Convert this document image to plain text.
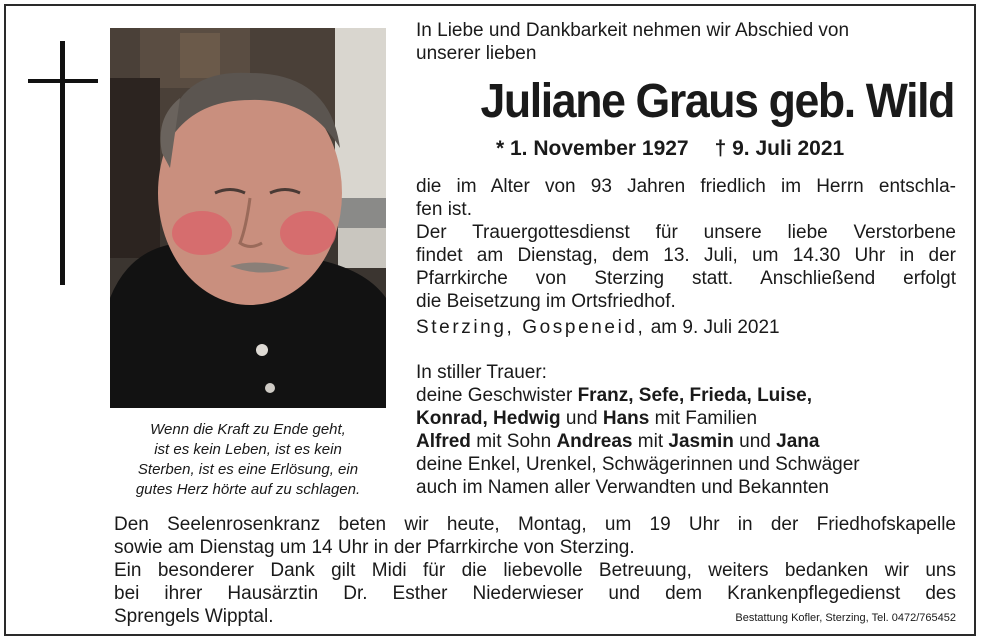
Wenn die Kraft zu Ende geht,
ist es kein Leben, ist es kein
Sterben, ist es eine Erlösung, ein
gutes Herz hörte auf zu schlagen.
In Liebe und Dankbarkeit nehmen wir Abschied von
unserer lieben
Juliane Graus geb. Wild
* 1. November 1927 † 9. Juli 2021
die im Alter von 93 Jahren friedlich im Herrn entschla-
fen ist.
Der Trauergottesdienst für unsere liebe Verstorbene
findet am Dienstag, dem 13. Juli, um 14.30 Uhr in der
Pfarrkirche von Sterzing statt. Anschließend erfolgt
die Beisetzung im Ortsfriedhof.
Sterzing, Gospeneid, am 9. Juli 2021
In stiller Trauer:
deine Geschwister Franz, Sefe, Frieda, Luise,
Konrad, Hedwig und Hans mit Familien
Alfred mit Sohn Andreas mit Jasmin und Jana
deine Enkel, Urenkel, Schwägerinnen und Schwäger
auch im Namen aller Verwandten und Bekannten
Den Seelenrosenkranz beten wir heute, Montag, um 19 Uhr in der Friedhofskapelle
sowie am Dienstag um 14 Uhr in der Pfarrkirche von Sterzing.
Ein besonderer Dank gilt Midi für die liebevolle Betreuung, weiters bedanken wir uns
bei ihrer Hausärztin Dr. Esther Niederwieser und dem Krankenpflegedienst des
Sprengels Wipptal.	Bestattung Kofler, Sterzing, Tel. 0472/765452
